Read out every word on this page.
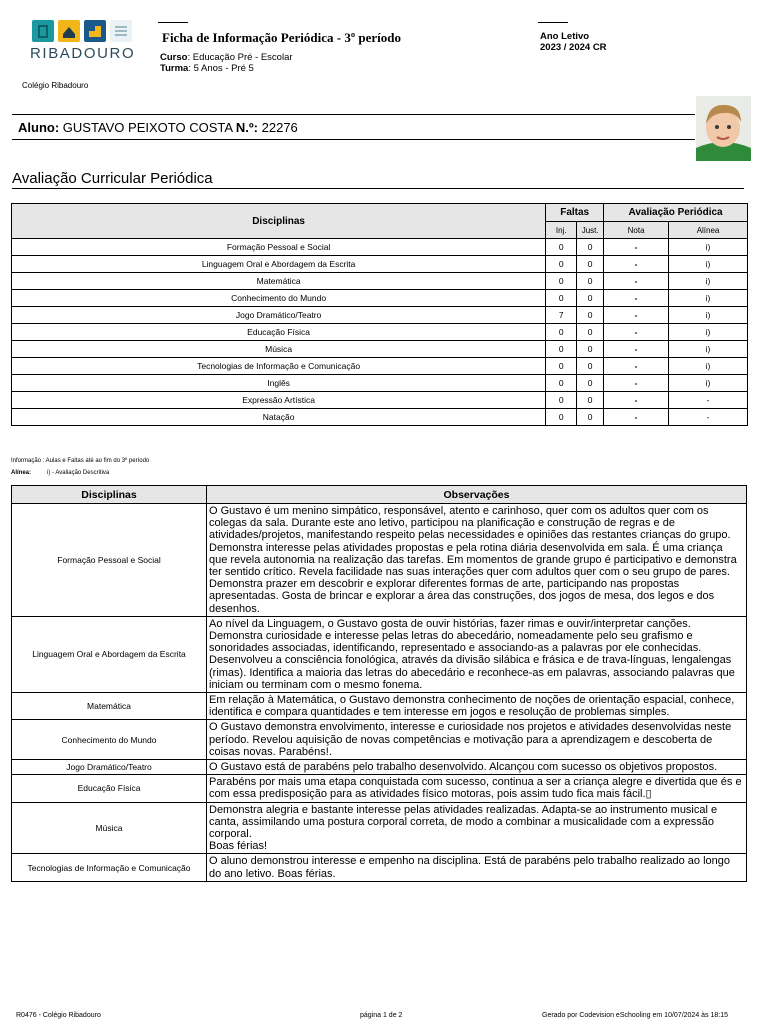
RIBADOURO
Colégio Ribadouro
Ficha de Informação Periódica - 3º período
Curso: Educação Pré - Escolar
Turma: 5 Anos - Pré 5
Ano Letivo
2023 / 2024 CR
Aluno: GUSTAVO PEIXOTO COSTA N.º: 22276
Avaliação Curricular Periódica
Disciplinas	Faltas		Avaliação Periódica	
	Inj.	Just.	Nota	Alínea
Formação Pessoal e Social	0	0	-	i)
Linguagem Oral e Abordagem da Escrita	0	0	-	i)
Matemática	0	0	-	i)
Conhecimento do Mundo	0	0	-	i)
Jogo Dramático/Teatro	7	0	-	i)
Educação Física	0	0	-	i)
Música	0	0	-	i)
Tecnologias de Informação e Comunicação	0	0	-	i)
Inglês	0	0	-	i)
Expressão Artística	0	0	-	-
Natação	0	0	-	-
Informação : Aulas e Faltas até ao fim do 3º período
Alínea:	i) - Avaliação Descritiva
Disciplinas	Observações
Formação Pessoal e Social	O Gustavo é um menino simpático, responsável, atento e carinhoso, quer com os adultos quer com os colegas da sala. Durante este ano letivo, participou na planificação e construção de regras e de atividades/projetos, manifestando respeito pelas necessidades e opiniões das restantes crianças do grupo.
Demonstra interesse pelas atividades propostas e pela rotina diária desenvolvida em sala. É uma criança que revela autonomia na realização das tarefas. Em momentos de grande grupo é participativo e demonstra ter sentido crítico. Revela facilidade nas suas interações quer com adultos quer com o seu grupo de pares.
Demonstra prazer em descobrir e explorar diferentes formas de arte, participando nas propostas apresentadas. Gosta de brincar e explorar a área das construções, dos jogos de mesa, dos legos e dos desenhos.
Linguagem Oral e Abordagem da Escrita	Ao nível da Linguagem, o Gustavo gosta de ouvir histórias, fazer rimas e ouvir/interpretar canções. Demonstra curiosidade e interesse pelas letras do abecedário, nomeadamente pelo seu grafismo e sonoridades associadas, identificando, representado e associando-as a palavras por ele conhecidas. Desenvolveu a consciência fonológica, através da divisão silábica e frásica e de trava-línguas, lengalengas (rimas). Identifica a maioria das letras do abecedário e reconhece-as em palavras, associando palavras que iniciam ou terminam com o mesmo fonema.
Matemática	Em relação à Matemática, o Gustavo demonstra conhecimento de noções de orientação espacial, conhece, identifica e compara quantidades e tem interesse em jogos e resolução de problemas simples.
Conhecimento do Mundo	O Gustavo demonstra envolvimento, interesse e curiosidade nos projetos e atividades desenvolvidas neste período. Revelou aquisição de novas competências e motivação para a aprendizagem e descoberta de coisas novas. Parabéns!.
Jogo Dramático/Teatro	O Gustavo está de parabéns pelo trabalho desenvolvido. Alcançou com sucesso os objetivos propostos.
Educação Física	Parabéns por mais uma etapa conquistada com sucesso, continua a ser a criança alegre e divertida que és e com essa predisposição para as atividades físico motoras, pois assim tudo fica mais fácil.▯
Música	Demonstra alegria e bastante interesse pelas atividades realizadas. Adapta-se ao instrumento musical e canta, assimilando uma postura corporal correta, de modo a combinar a musicalidade com a expressão corporal.
Boas férias!
Tecnologias de Informação e Comunicação	O aluno demonstrou interesse e empenho na disciplina. Está de parabéns pelo trabalho realizado ao longo do ano letivo. Boas férias.
R0476 - Colégio Ribadouro	página 1 de 2	Gerado por Codevision eSchooling em 10/07/2024 às 18:15
